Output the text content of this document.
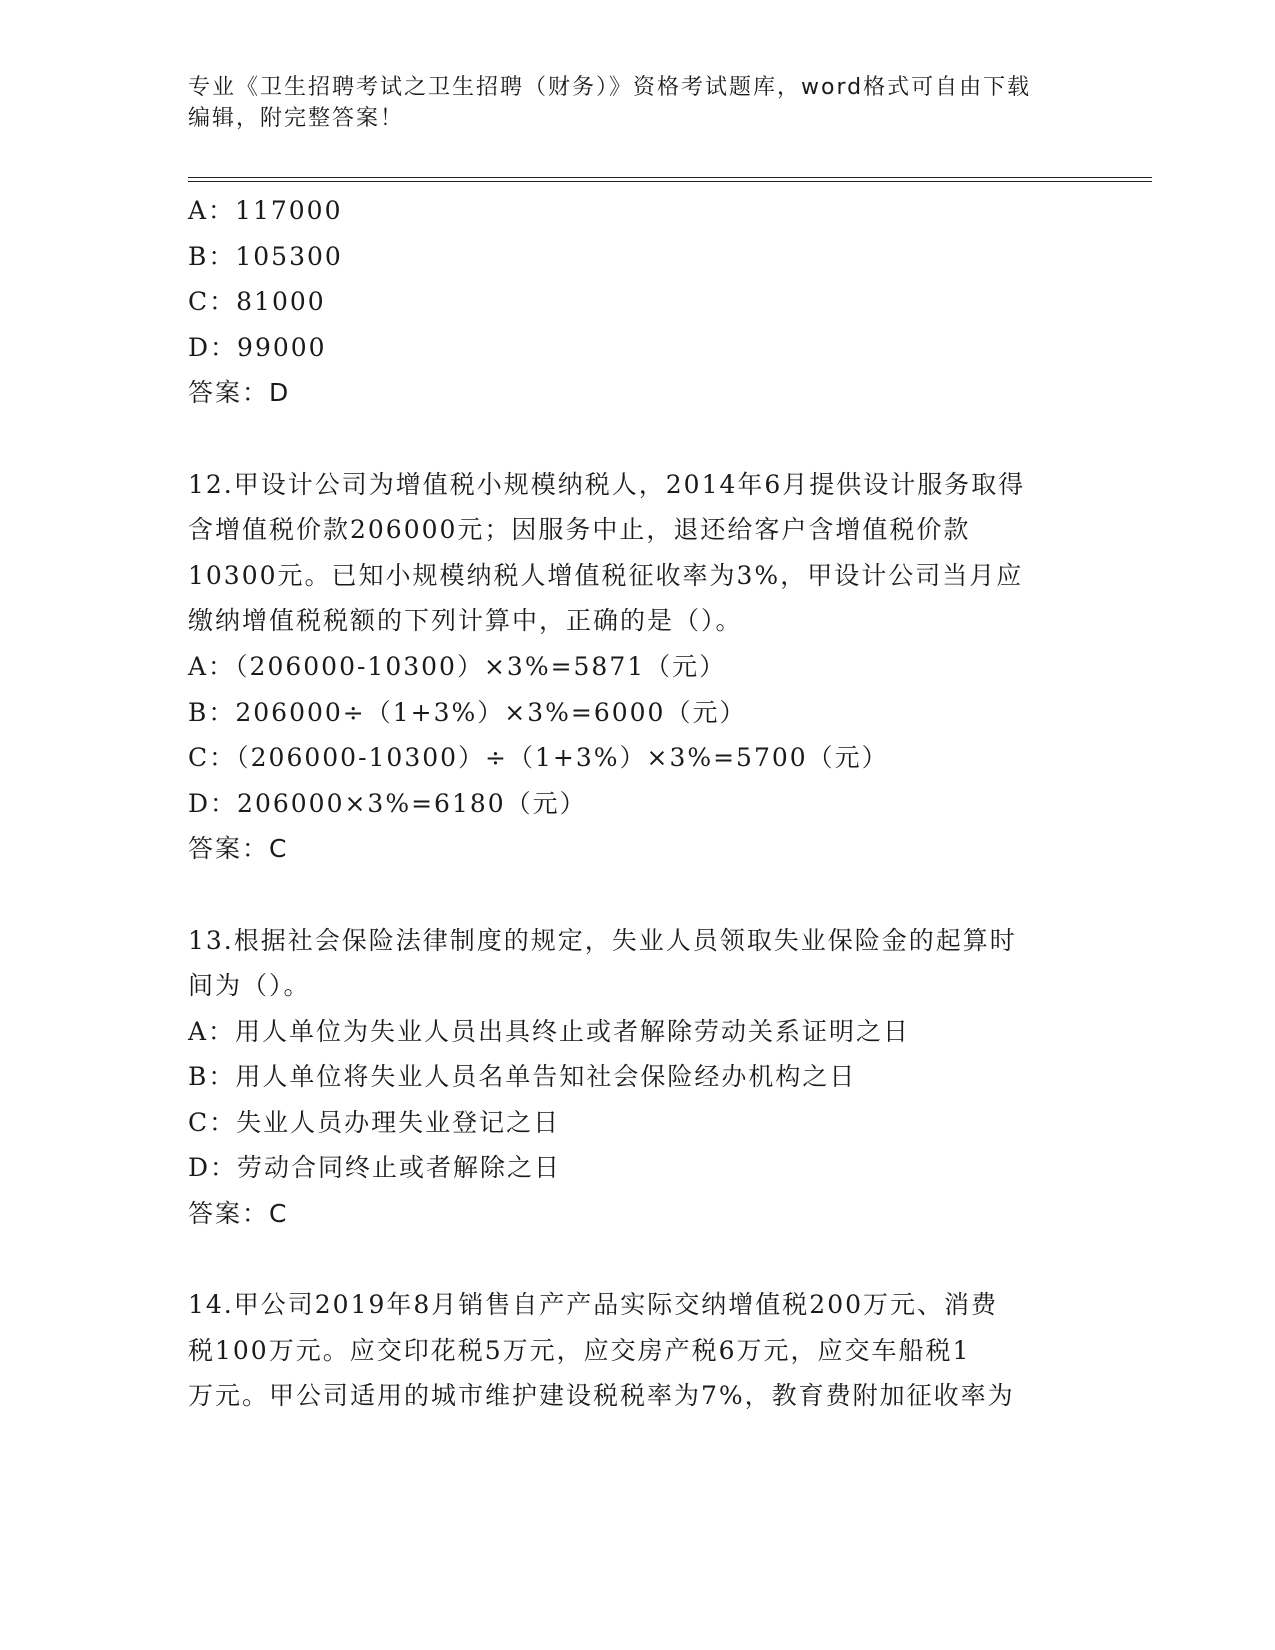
专业《卫生招聘考试之卫生招聘（财务）》资格考试题库，word格式可自由下载
编辑，附完整答案！
A：117000
B：105300
C：81000
D：99000
答案：D
12.甲设计公司为增值税小规模纳税人，2014年6月提供设计服务取得
含增值税价款206000元；因服务中止，退还给客户含增值税价款
10300元。已知小规模纳税人增值税征收率为3%，甲设计公司当月应
缴纳增值税税额的下列计算中，正确的是（）。
A：（206000-10300）×3%=5871（元）
B：206000÷（1+3%）×3%=6000（元）
C：（206000-10300）÷（1+3%）×3%=5700（元）
D：206000×3%=6180（元）
答案：C
13.根据社会保险法律制度的规定，失业人员领取失业保险金的起算时
间为（）。
A：用人单位为失业人员出具终止或者解除劳动关系证明之日
B：用人单位将失业人员名单告知社会保险经办机构之日
C：失业人员办理失业登记之日
D：劳动合同终止或者解除之日
答案：C
14.甲公司2019年8月销售自产产品实际交纳增值税200万元、消费
税100万元。应交印花税5万元，应交房产税6万元，应交车船税1
万元。甲公司适用的城市维护建设税税率为7%，教育费附加征收率为
